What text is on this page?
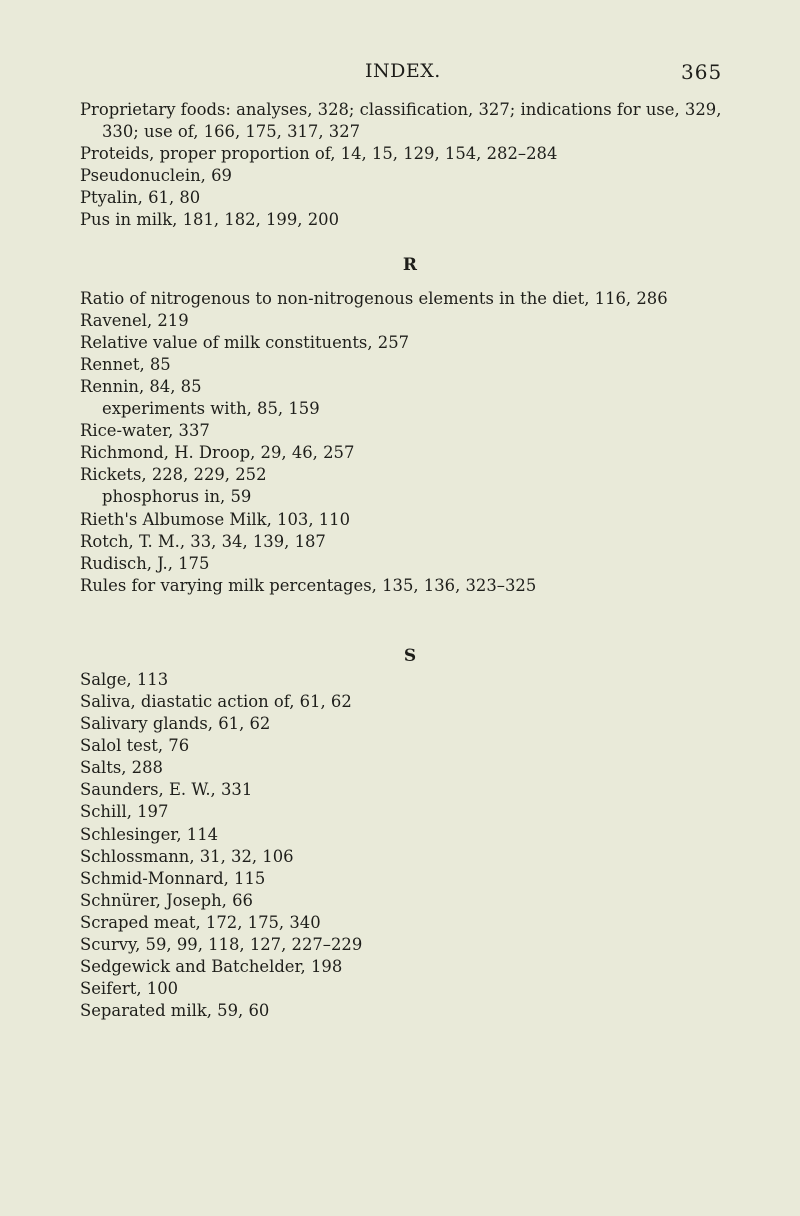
INDEX.	365

Proprietary foods: analyses, 328; classification, 327; indications for use, 329, 330; use of, 166, 175, 317, 327

Proteids, proper proportion of, 14, 15, 129, 154, 282–284

Pseudonuclein, 69

Ptyalin, 61, 80

Pus in milk, 181, 182, 199, 200

R

Ratio of nitrogenous to non-nitrogenous elements in the diet, 116, 286

Ravenel, 219

Relative value of milk constituents, 257

Rennet, 85

Rennin, 84, 85

experiments with, 85, 159

Rice-water, 337

Richmond, H. Droop, 29, 46, 257

Rickets, 228, 229, 252

phosphorus in, 59

Rieth's Albumose Milk, 103, 110

Rotch, T. M., 33, 34, 139, 187

Rudisch, J., 175

Rules for varying milk percentages, 135, 136, 323–325

S

Salge, 113

Saliva, diastatic action of, 61, 62

Salivary glands, 61, 62

Salol test, 76

Salts, 288

Saunders, E. W., 331

Schill, 197

Schlesinger, 114

Schlossmann, 31, 32, 106

Schmid-Monnard, 115

Schnürer, Joseph, 66

Scraped meat, 172, 175, 340

Scurvy, 59, 99, 118, 127, 227–229

Sedgewick and Batchelder, 198

Seifert, 100

Separated milk, 59, 60
